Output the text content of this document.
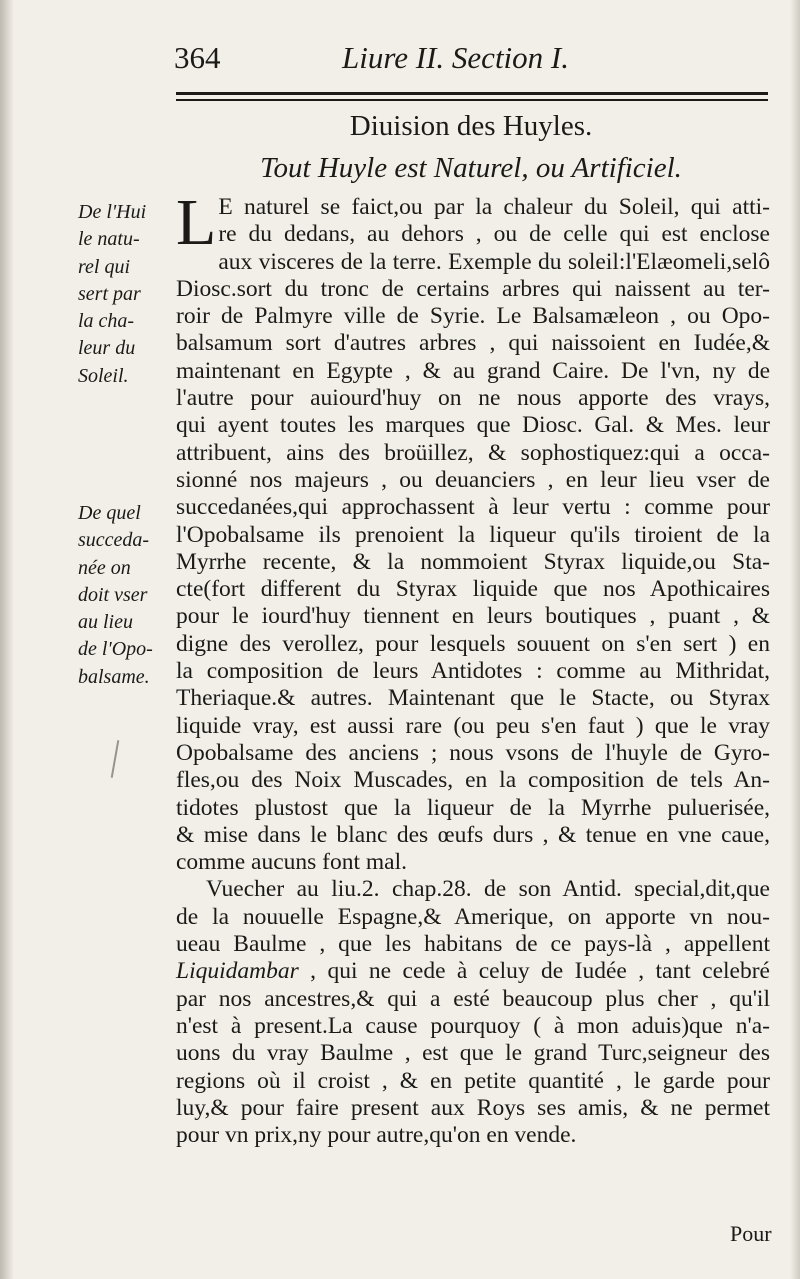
364	Liure II. Section I.
Diuision des Huyles.
Tout Huyle est Naturel, ou Artificiel.
De l'Hui
le natu-
rel qui
sert par
la cha-
leur du
Soleil.
De quel
succeda-
née on
doit vser
au lieu
de l'Opo-
balsame.
L E naturel se faict,ou par la chaleur du Soleil, qui atti-
re du dedans, au dehors , ou de celle qui est enclose
aux visceres de la terre. Exemple du soleil:l'Elæomeli,selô
Diosc.sort du tronc de certains arbres qui naissent au ter-
roir de Palmyre ville de Syrie. Le Balsamæleon , ou Opo-
balsamum sort d'autres arbres , qui naissoient en Iudée,&
maintenant en Egypte , & au grand Caire. De l'vn, ny de
l'autre pour auiourd'huy on ne nous apporte des vrays,
qui ayent toutes les marques que Diosc. Gal. & Mes. leur
attribuent, ains des broüillez, & sophostiquez:qui a occa-
sionné nos majeurs , ou deuanciers , en leur lieu vser de
succedanées,qui approchassent à leur vertu : comme pour
l'Opobalsame ils prenoient la liqueur qu'ils tiroient de la
Myrrhe recente, & la nommoient Styrax liquide,ou Sta-
cte(fort different du Styrax liquide que nos Apothicaires
pour le iourd'huy tiennent en leurs boutiques , puant , &
digne des verollez, pour lesquels souuent on s'en sert ) en
la composition de leurs Antidotes : comme au Mithridat,
Theriaque.& autres. Maintenant que le Stacte, ou Styrax
liquide vray, est aussi rare (ou peu s'en faut ) que le vray
Opobalsame des anciens ; nous vsons de l'huyle de Gyro-
fles,ou des Noix Muscades, en la composition de tels An-
tidotes plustost que la liqueur de la Myrrhe puluerisée,
& mise dans le blanc des œufs durs , & tenue en vne caue,
comme aucuns font mal.
Vuecher au liu.2. chap.28. de son Antid. special,dit,que
de la nouuelle Espagne,& Amerique, on apporte vn nou-
ueau Baulme , que les habitans de ce pays-là , appellent
Liquidambar , qui ne cede à celuy de Iudée , tant celebré
par nos ancestres,& qui a esté beaucoup plus cher , qu'il
n'est à present.La cause pourquoy ( à mon aduis)que n'a-
uons du vray Baulme , est que le grand Turc,seigneur des
regions où il croist , & en petite quantité , le garde pour
luy,& pour faire present aux Roys ses amis, & ne permet
pour vn prix,ny pour autre,qu'on en vende.
Pour
